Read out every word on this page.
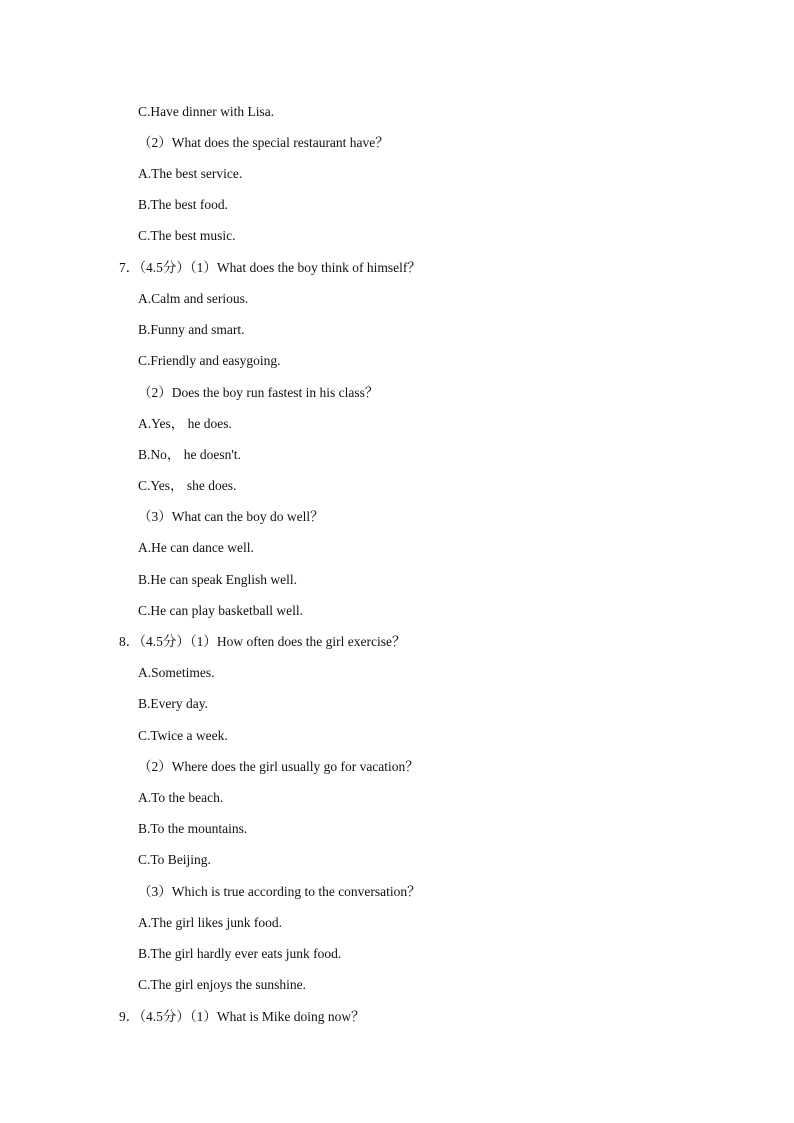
C.Have dinner with Lisa.
（2）What does the special restaurant have？
A.The best service.
B.The best food.
C.The best music.
7．（4.5分）（1）What does the boy think of himself？
A.Calm and serious.
B.Funny and smart.
C.Friendly and easygoing.
（2）Does the boy run fastest in his class？
A.Yes， he does.
B.No， he doesn't.
C.Yes， she does.
（3）What can the boy do well？
A.He can dance well.
B.He can speak English well.
C.He can play basketball well.
8．（4.5分）（1）How often does the girl exercise？
A.Sometimes.
B.Every day.
C.Twice a week.
（2）Where does the girl usually go for vacation？
A.To the beach.
B.To the mountains.
C.To Beijing.
（3）Which is true according to the conversation？
A.The girl likes junk food.
B.The girl hardly ever eats junk food.
C.The girl enjoys the sunshine.
9．（4.5分）（1）What is Mike doing now？
